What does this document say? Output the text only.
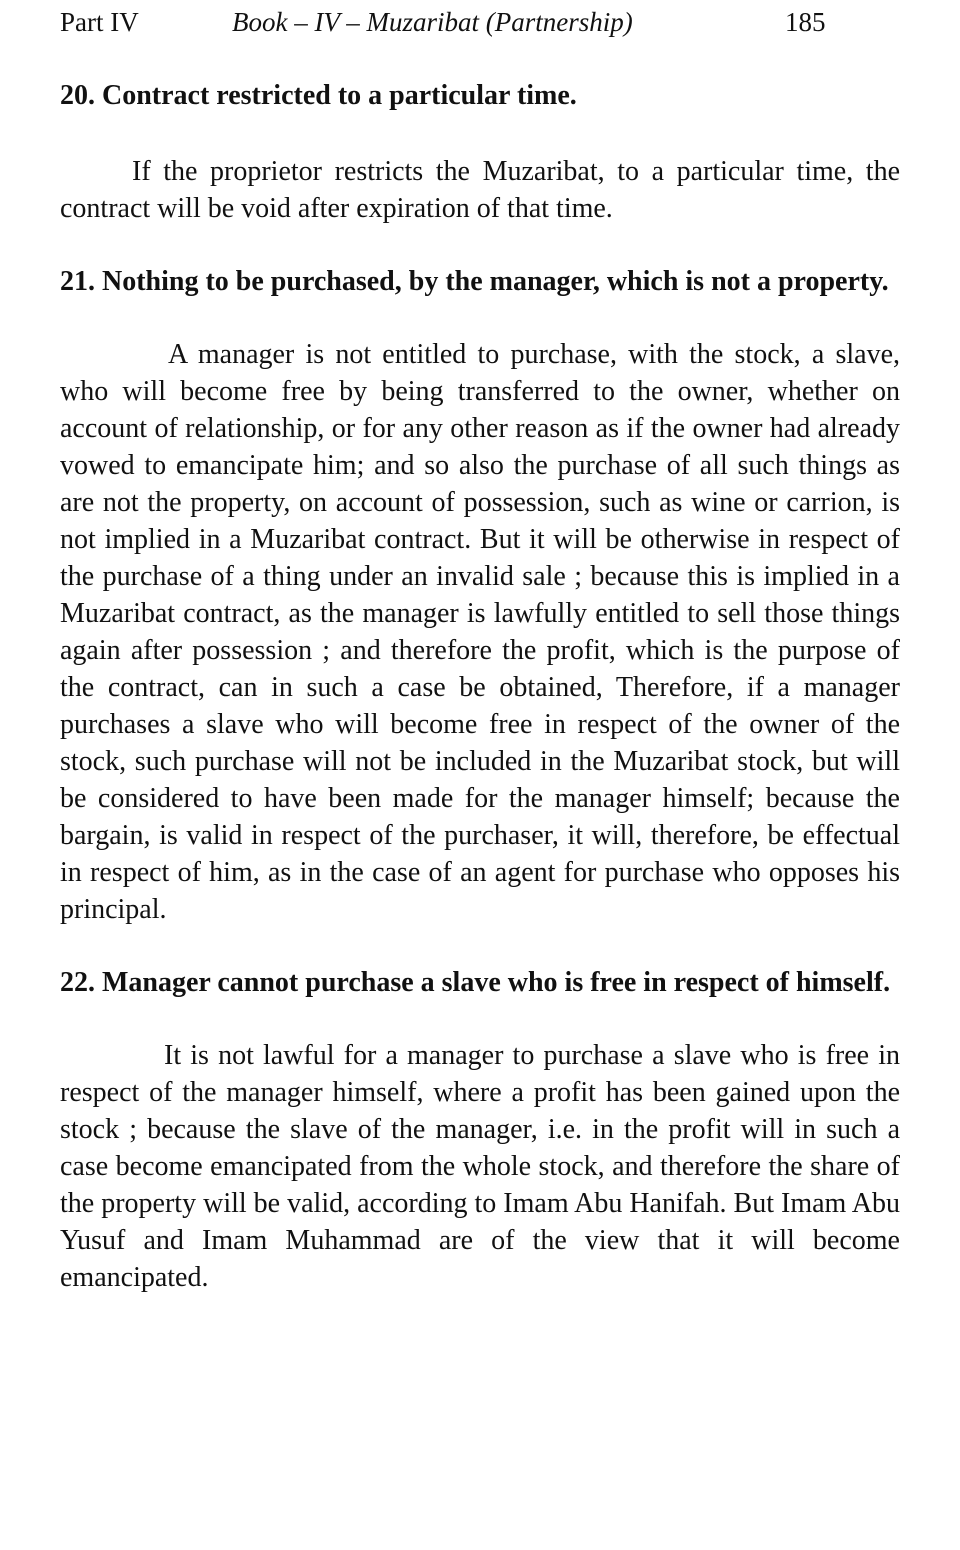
Part IV	Book – IV – Muzaribat (Partnership)	185
20. Contract restricted to a particular time.

If the proprietor restricts the Muzaribat, to a particular time, the contract will be void after expiration of that time.

21. Nothing to be purchased, by the manager, which is not a property.

A manager is not entitled to purchase, with the stock, a slave, who will become free by being transferred to the owner, whether on account of relationship, or for any other reason as if the owner had already vowed to emancipate him; and so also the purchase of all such things as are not the property, on account of possession, such as wine or carrion, is not implied in a Muzaribat contract. But it will be otherwise in respect of the purchase of a thing under an invalid sale ; because this is implied in a Muzaribat contract, as the manager is lawfully entitled to sell those things again after possession ; and therefore the profit, which is the purpose of the contract, can in such a case be obtained, Therefore, if a manager purchases a slave who will become free in respect of the owner of the stock, such purchase will not be included in the Muzaribat stock, but will be considered to have been made for the manager himself; because the bargain, is valid in respect of the purchaser, it will, therefore, be effectual in respect of him, as in the case of an agent for purchase who opposes his principal.

22. Manager cannot purchase a slave who is free in respect of himself.

It is not lawful for a manager to purchase a slave who is free in respect of the manager himself, where a profit has been gained upon the stock ; because the slave of the manager, i.e. in the profit will in such a case become emancipated from the whole stock, and therefore the share of the property will be valid, according to Imam Abu Hanifah. But Imam Abu Yusuf and Imam Muhammad are of the view that it will become emancipated.
